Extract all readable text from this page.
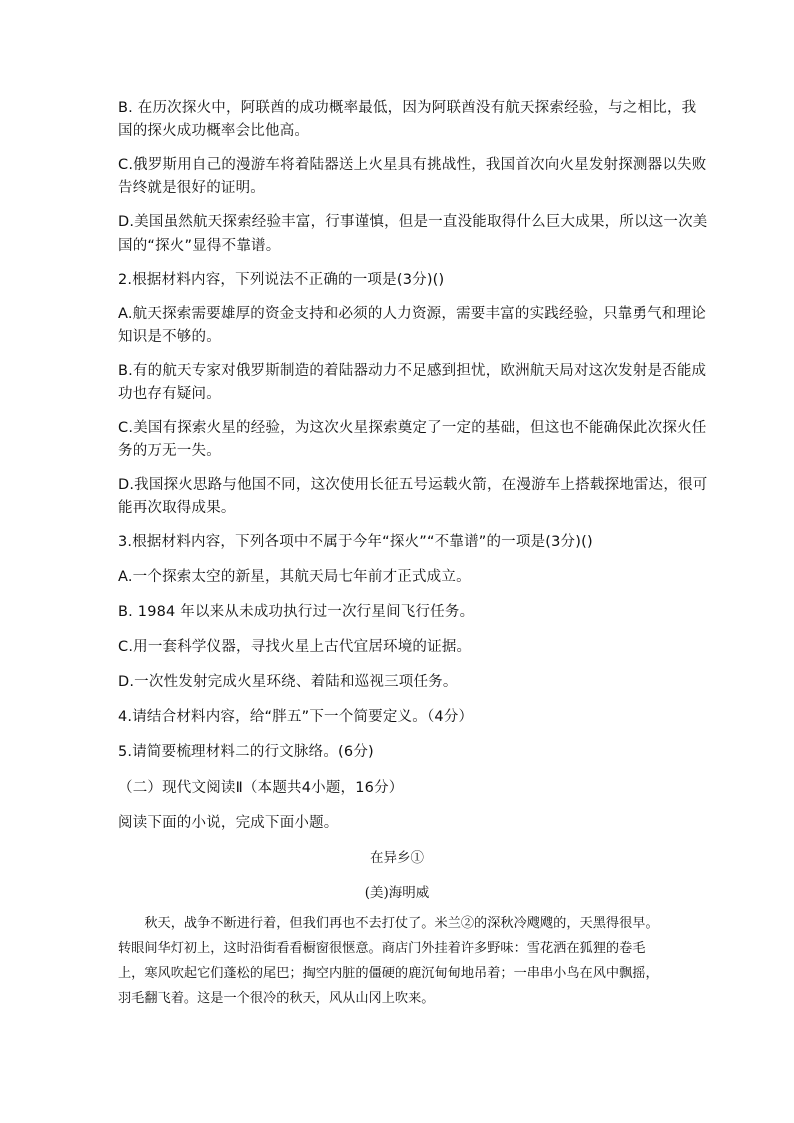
B. 在历次探火中，阿联酋的成功概率最低，因为阿联酋没有航天探索经验，与之相比，我
国的探火成功概率会比他高。
C.俄罗斯用自己的漫游车将着陆器送上火星具有挑战性，我国首次向火星发射探测器以失败
告终就是很好的证明。
D.美国虽然航天探索经验丰富，行事谨慎，但是一直没能取得什么巨大成果，所以这一次美
国的“探火”显得不靠谱。
2.根据材料内容，下列说法不正确的一项是(3分)()
A.航天探索需要雄厚的资金支持和必须的人力资源，需要丰富的实践经验，只靠勇气和理论
知识是不够的。
B.有的航天专家对俄罗斯制造的着陆器动力不足感到担忧，欧洲航天局对这次发射是否能成
功也存有疑问。
C.美国有探索火星的经验，为这次火星探索奠定了一定的基础，但这也不能确保此次探火任
务的万无一失。
D.我国探火思路与他国不同，这次使用长征五号运载火箭，在漫游车上搭载探地雷达，很可
能再次取得成果。
3.根据材料内容，下列各项中不属于今年“探火”“不靠谱”的一项是(3分)()
A.一个探索太空的新星，其航天局七年前才正式成立。
B. 1984 年以来从未成功执行过一次行星间飞行任务。
C.用一套科学仪器，寻找火星上古代宜居环境的证据。
D.一次性发射完成火星环绕、着陆和巡视三项任务。
4.请结合材料内容，给“胖五”下一个简要定义。（4分）
5.请简要梳理材料二的行文脉络。(6分)
（二）现代文阅读Ⅱ（本题共4小题，16分）
阅读下面的小说，完成下面小题。
在异乡①
(美)海明威

　　秋天，战争不断进行着，但我们再也不去打仗了。米兰②的深秋冷飕飕的，天黑得很早。

转眼间华灯初上，这时沿街看看橱窗很惬意。商店门外挂着许多野味：雪花洒在狐狸的卷毛

上，寒风吹起它们蓬松的尾巴；掏空内脏的僵硬的鹿沉甸甸地吊着；一串串小鸟在风中飘摇，

羽毛翻飞着。这是一个很冷的秋天，风从山冈上吹来。
